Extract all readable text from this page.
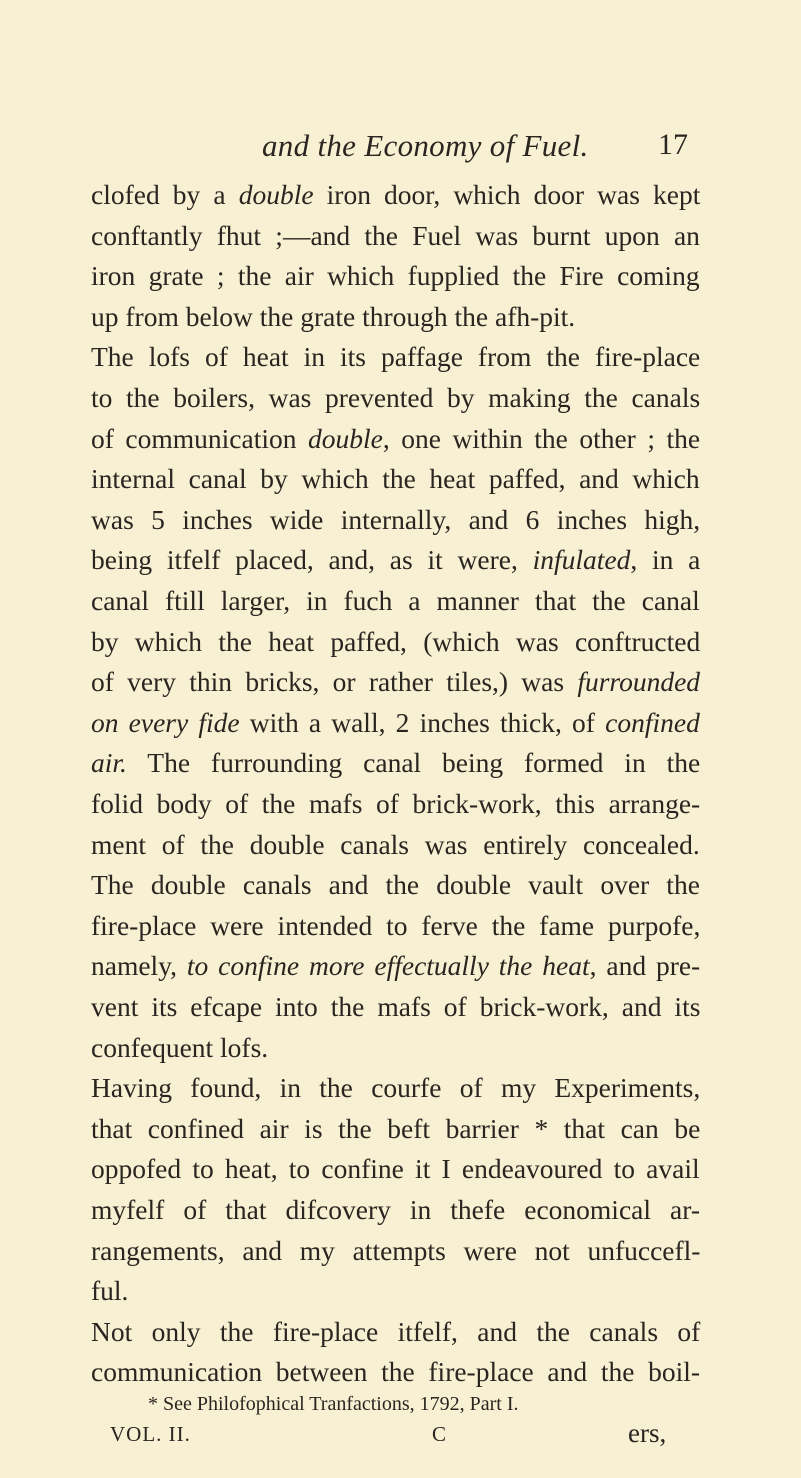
and the Economy of Fuel. 17
clofed by a double iron door, which door was kept
conftantly fhut ;—and the Fuel was burnt upon an
iron grate ; the air which fupplied the Fire coming
up from below the grate through the afh-pit.
The lofs of heat in its paffage from the fire-place
to the boilers, was prevented by making the canals
of communication double, one within the other ; the
internal canal by which the heat paffed, and which
was 5 inches wide internally, and 6 inches high,
being itfelf placed, and, as it were, infulated, in a
canal ftill larger, in fuch a manner that the canal
by which the heat paffed, (which was conftructed
of very thin bricks, or rather tiles,) was furrounded
on every fide with a wall, 2 inches thick, of confined
air. The furrounding canal being formed in the
folid body of the mafs of brick-work, this arrange-
ment of the double canals was entirely concealed.
The double canals and the double vault over the
fire-place were intended to ferve the fame purpofe,
namely, to confine more effectually the heat, and pre-
vent its efcape into the mafs of brick-work, and its
confequent lofs.
Having found, in the courfe of my Experiments,
that confined air is the beft barrier * that can be
oppofed to heat, to confine it I endeavoured to avail
myfelf of that difcovery in thefe economical ar-
rangements, and my attempts were not unfuccefl-
ful.
Not only the fire-place itfelf, and the canals of
communication between the fire-place and the boil-
* See Philofophical Tranfactions, 1792, Part I.
VOL. II.	C	ers,
